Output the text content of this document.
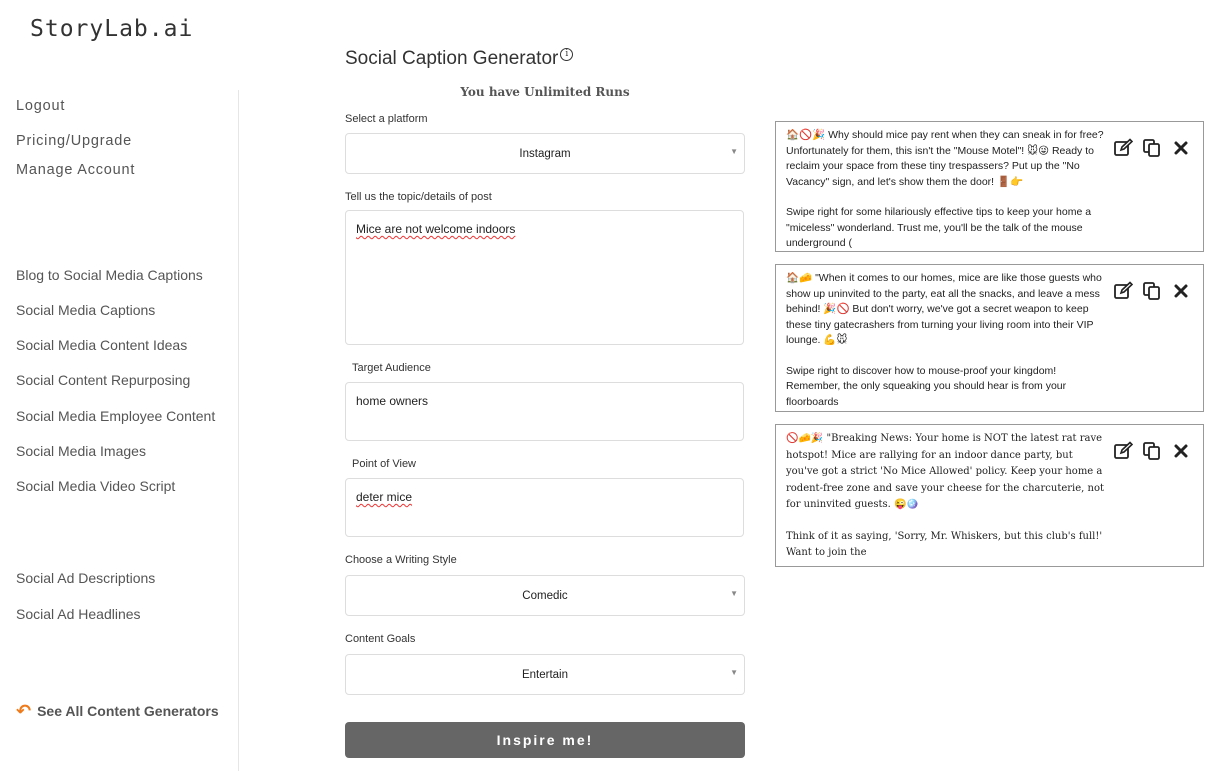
StoryLab.ai
Logout
Pricing/Upgrade
Manage Account
Blog to Social Media Captions
Social Media Captions
Social Media Content Ideas
Social Content Repurposing
Social Media Employee Content
Social Media Images
Social Media Video Script
Social Ad Descriptions
Social Ad Headlines
↶ See All Content Generators
Social Caption Generator i
You have Unlimited Runs
Select a platform
Instagram	▼
Tell us the topic/details of post
Mice are not welcome indoors
Target Audience
home owners
Point of View
deter mice
Choose a Writing Style
Comedic	▼
Content Goals
Entertain	▼
Inspire me!

🏠🚫🎉 Why should mice pay rent when they can sneak in for free? Unfortunately for them, this isn't the "Mouse Motel"! 🐭😜 Ready to reclaim your space from these tiny trespassers? Put up the "No Vacancy" sign, and let's show them the door! 🚪👉

Swipe right for some hilariously effective tips to keep your home a "miceless" wonderland. Trust me, you'll be the talk of the mouse underground (

🏠🧀 "When it comes to our homes, mice are like those guests who show up uninvited to the party, eat all the snacks, and leave a mess behind! 🎉🚫 But don't worry, we've got a secret weapon to keep these tiny gatecrashers from turning your living room into their VIP lounge. 💪🐭

Swipe right to discover how to mouse-proof your kingdom! Remember, the only squeaking you should hear is from your floorboards

🚫🧀🎉 "Breaking News: Your home is NOT the latest rat rave hotspot! Mice are rallying for an indoor dance party, but you've got a strict 'No Mice Allowed' policy. Keep your home a rodent-free zone and save your cheese for the charcuterie, not for uninvited guests. 😜🪩

Think of it as saying, 'Sorry, Mr. Whiskers, but this club's full!' Want to join the
